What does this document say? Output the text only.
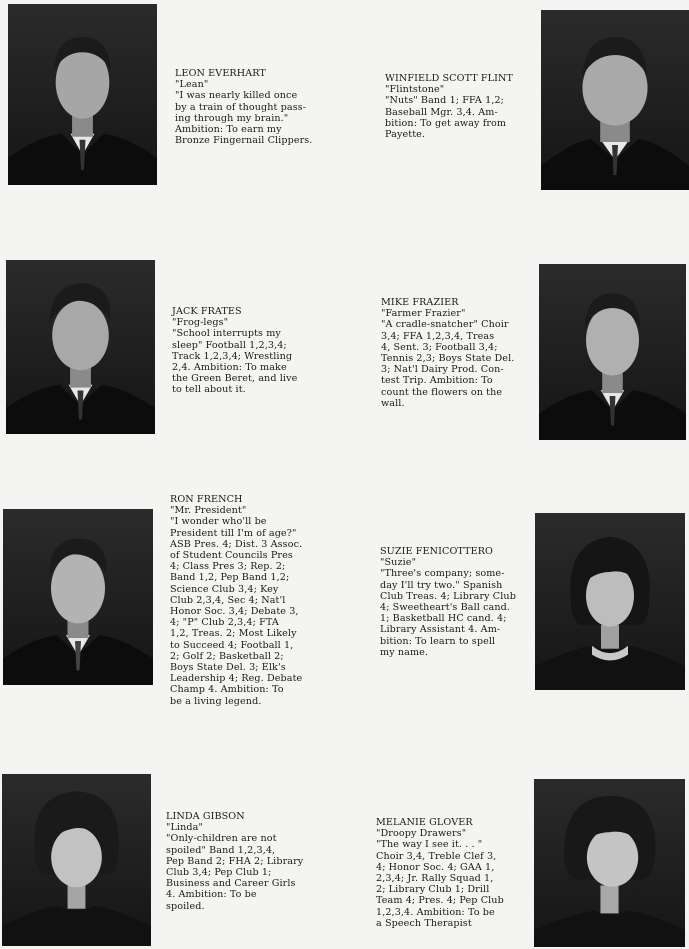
LEON EVERHART
"Lean"
"I was nearly killed once
by a train of thought pass-
ing through my brain."
Ambition: To earn my
Bronze Fingernail Clippers.
WINFIELD SCOTT FLINT
"Flintstone"
"Nuts" Band 1; FFA 1,2;
Baseball Mgr. 3,4. Am-
bition: To get away from
Payette.
JACK FRATES
"Frog-legs"
"School interrupts my
sleep" Football 1,2,3,4;
Track 1,2,3,4; Wrestling
2,4. Ambition: To make
the Green Beret, and live
to tell about it.
MIKE FRAZIER
"Farmer Frazier"
"A cradle-snatcher" Choir
3,4; FFA 1,2,3,4, Treas
4, Sent. 3; Football 3,4;
Tennis 2,3; Boys State Del.
3; Nat'l Dairy Prod. Con-
test Trip. Ambition: To
count the flowers on the
wall.
RON FRENCH
"Mr. President"
"I wonder who'll be
President till I'm of age?"
ASB Pres. 4; Dist. 3 Assoc.
of Student Councils Pres
4; Class Pres 3; Rep. 2;
Band 1,2, Pep Band 1,2;
Science Club 3,4; Key
Club 2,3,4, Sec 4; Nat'l
Honor Soc. 3,4; Debate 3,
4; "P" Club 2,3,4; FTA
1,2, Treas. 2; Most Likely
to Succeed 4; Football 1,
2; Golf 2; Basketball 2;
Boys State Del. 3; Elk's
Leadership 4; Reg. Debate
Champ 4. Ambition: To
be a living legend.
SUZIE FENICOTTERO
"Suzie"
"Three's company; some-
day I'll try two." Spanish
Club Treas. 4; Library Club
4; Sweetheart's Ball cand.
1; Basketball HC cand. 4;
Library Assistant 4. Am-
bition: To learn to spell
my name.
LINDA GIBSON
"Linda"
"Only-children are not
spoiled" Band 1,2,3,4,
Pep Band 2; FHA 2; Library
Club 3,4; Pep Club 1;
Business and Career Girls
4. Ambition: To be
spoiled.
MELANIE GLOVER
"Droopy Drawers"
"The way I see it. . . "
Choir 3,4, Treble Clef 3,
4; Honor Soc. 4; GAA 1,
2,3,4; Jr. Rally Squad 1,
2; Library Club 1; Drill
Team 4; Pres. 4; Pep Club
1,2,3,4. Ambition: To be
a Speech Therapist
